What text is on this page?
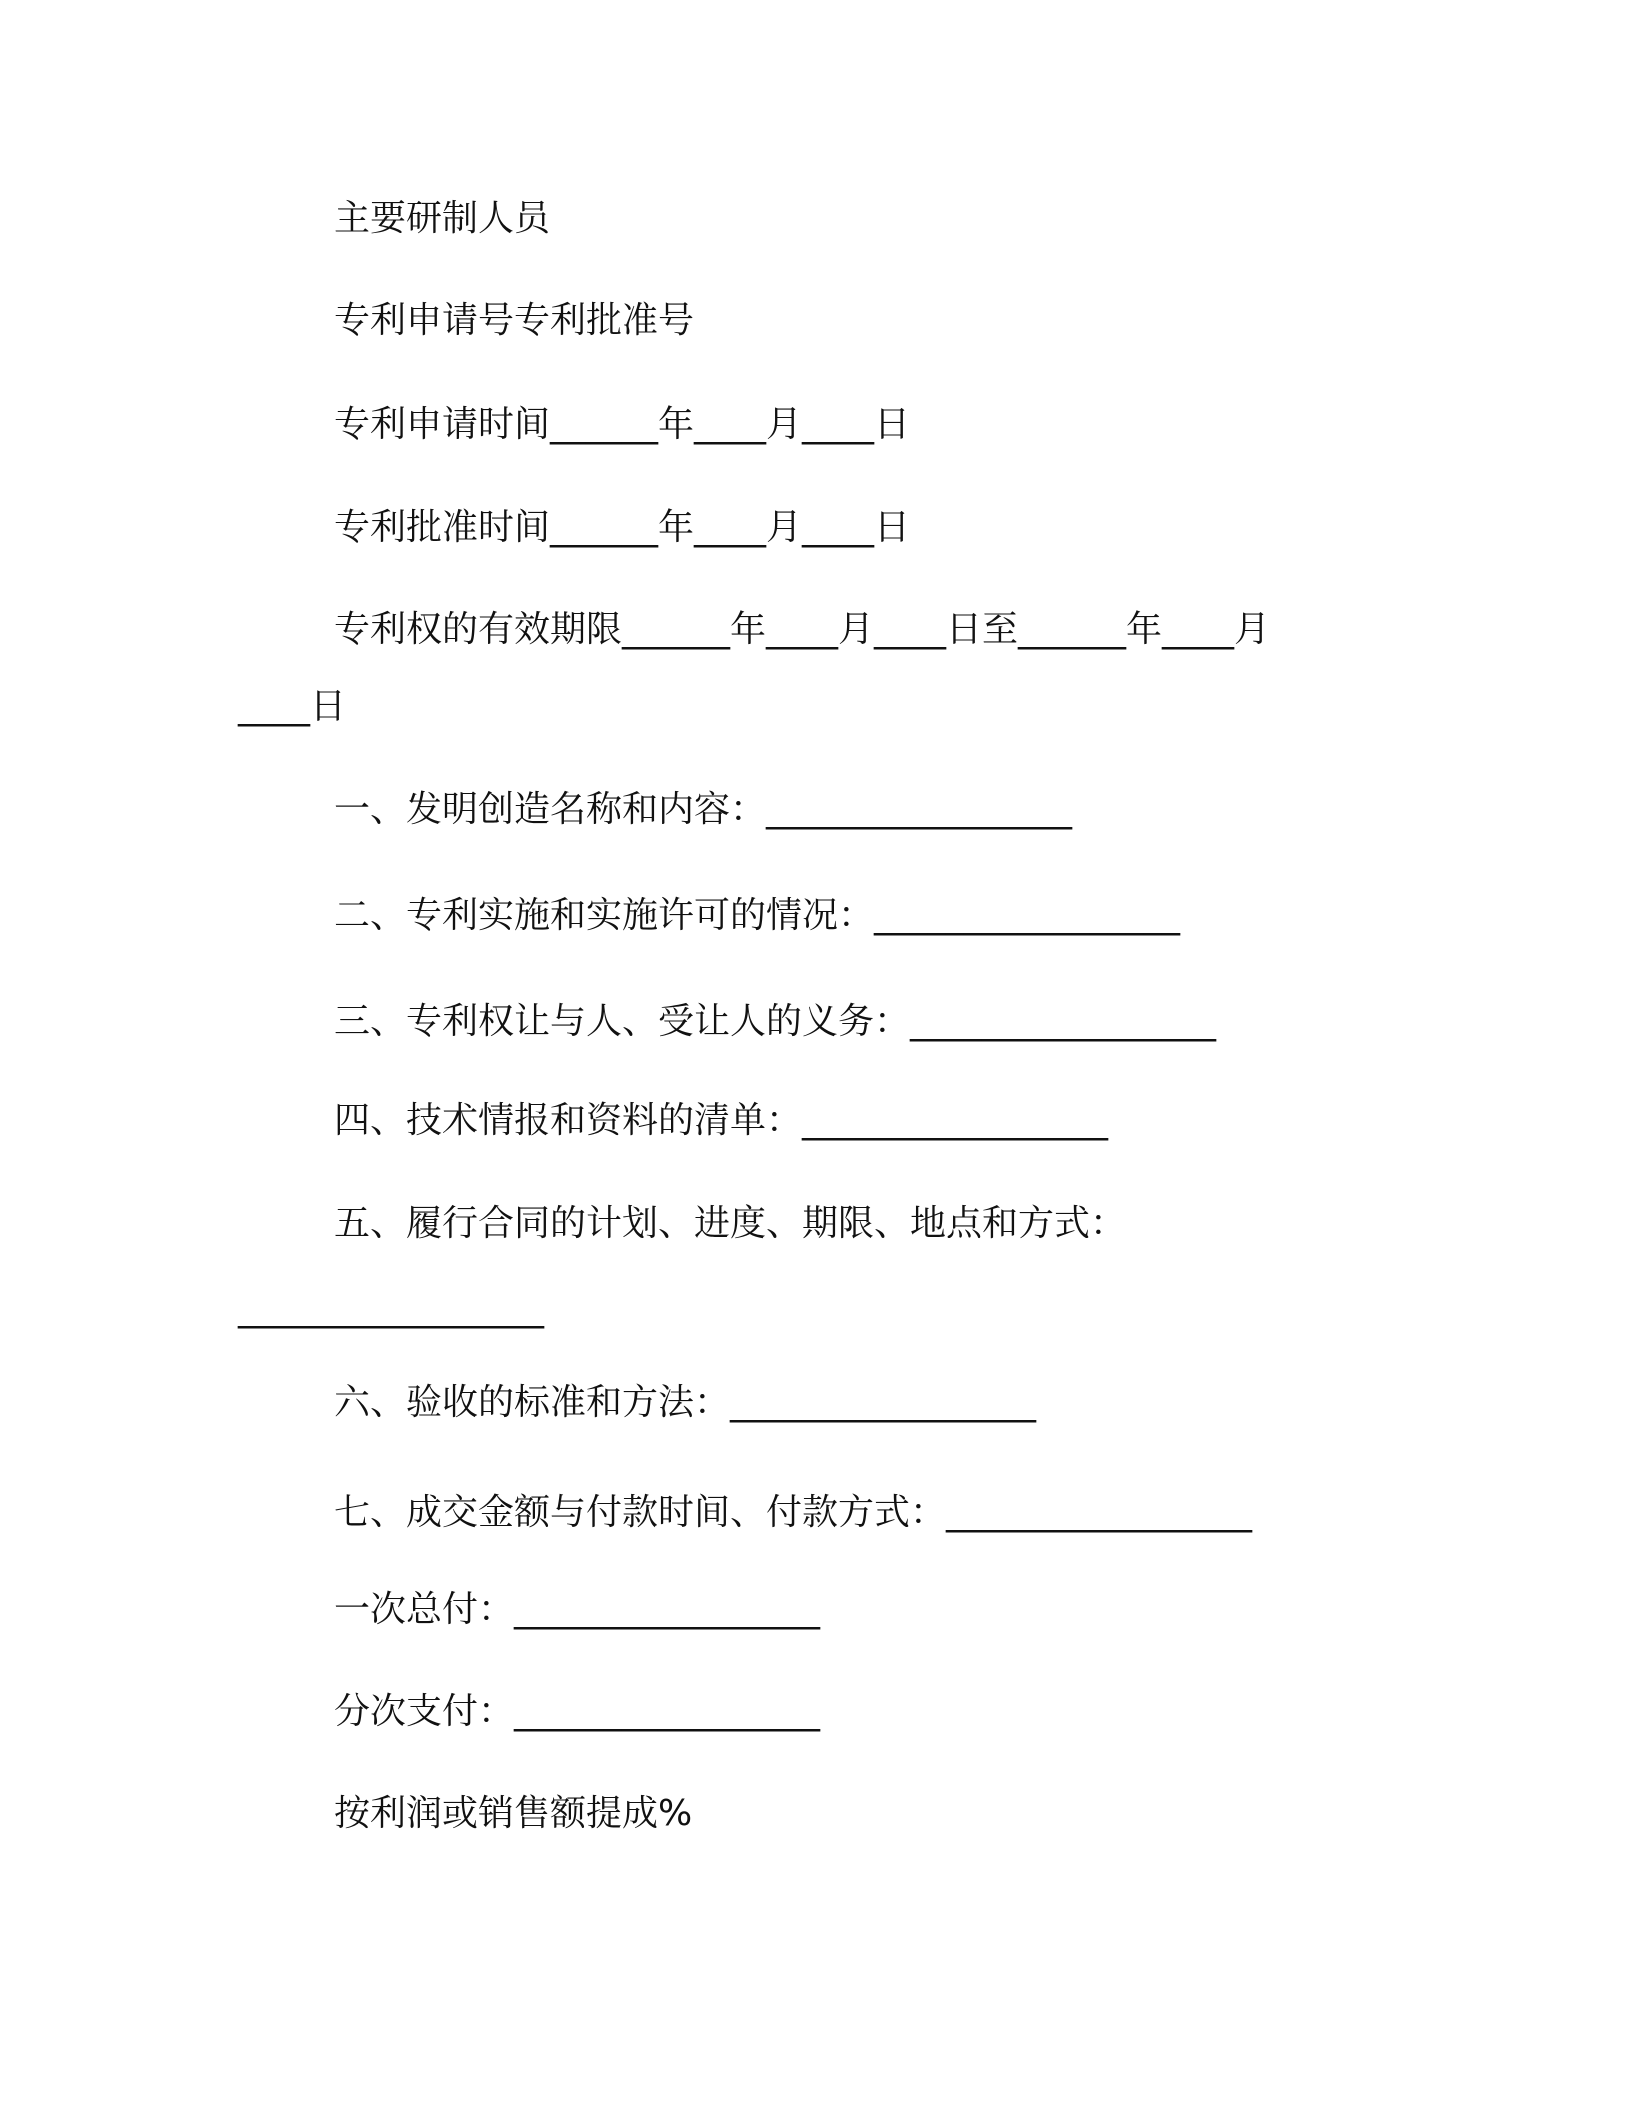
主要研制人员
专利申请号专利批准号
专利申请时间______年____月____日
专利批准时间______年____月____日
专利权的有效期限______年____月____日至______年____月
____日
一、发明创造名称和内容：_________________
二、专利实施和实施许可的情况：_________________
三、专利权让与人、受让人的义务：_________________
四、技术情报和资料的清单：_________________
五、履行合同的计划、进度、期限、地点和方式：
_________________
六、验收的标准和方法：_________________
七、成交金额与付款时间、付款方式：_________________
一次总付：_________________
分次支付：_________________
按利润或销售额提成%
